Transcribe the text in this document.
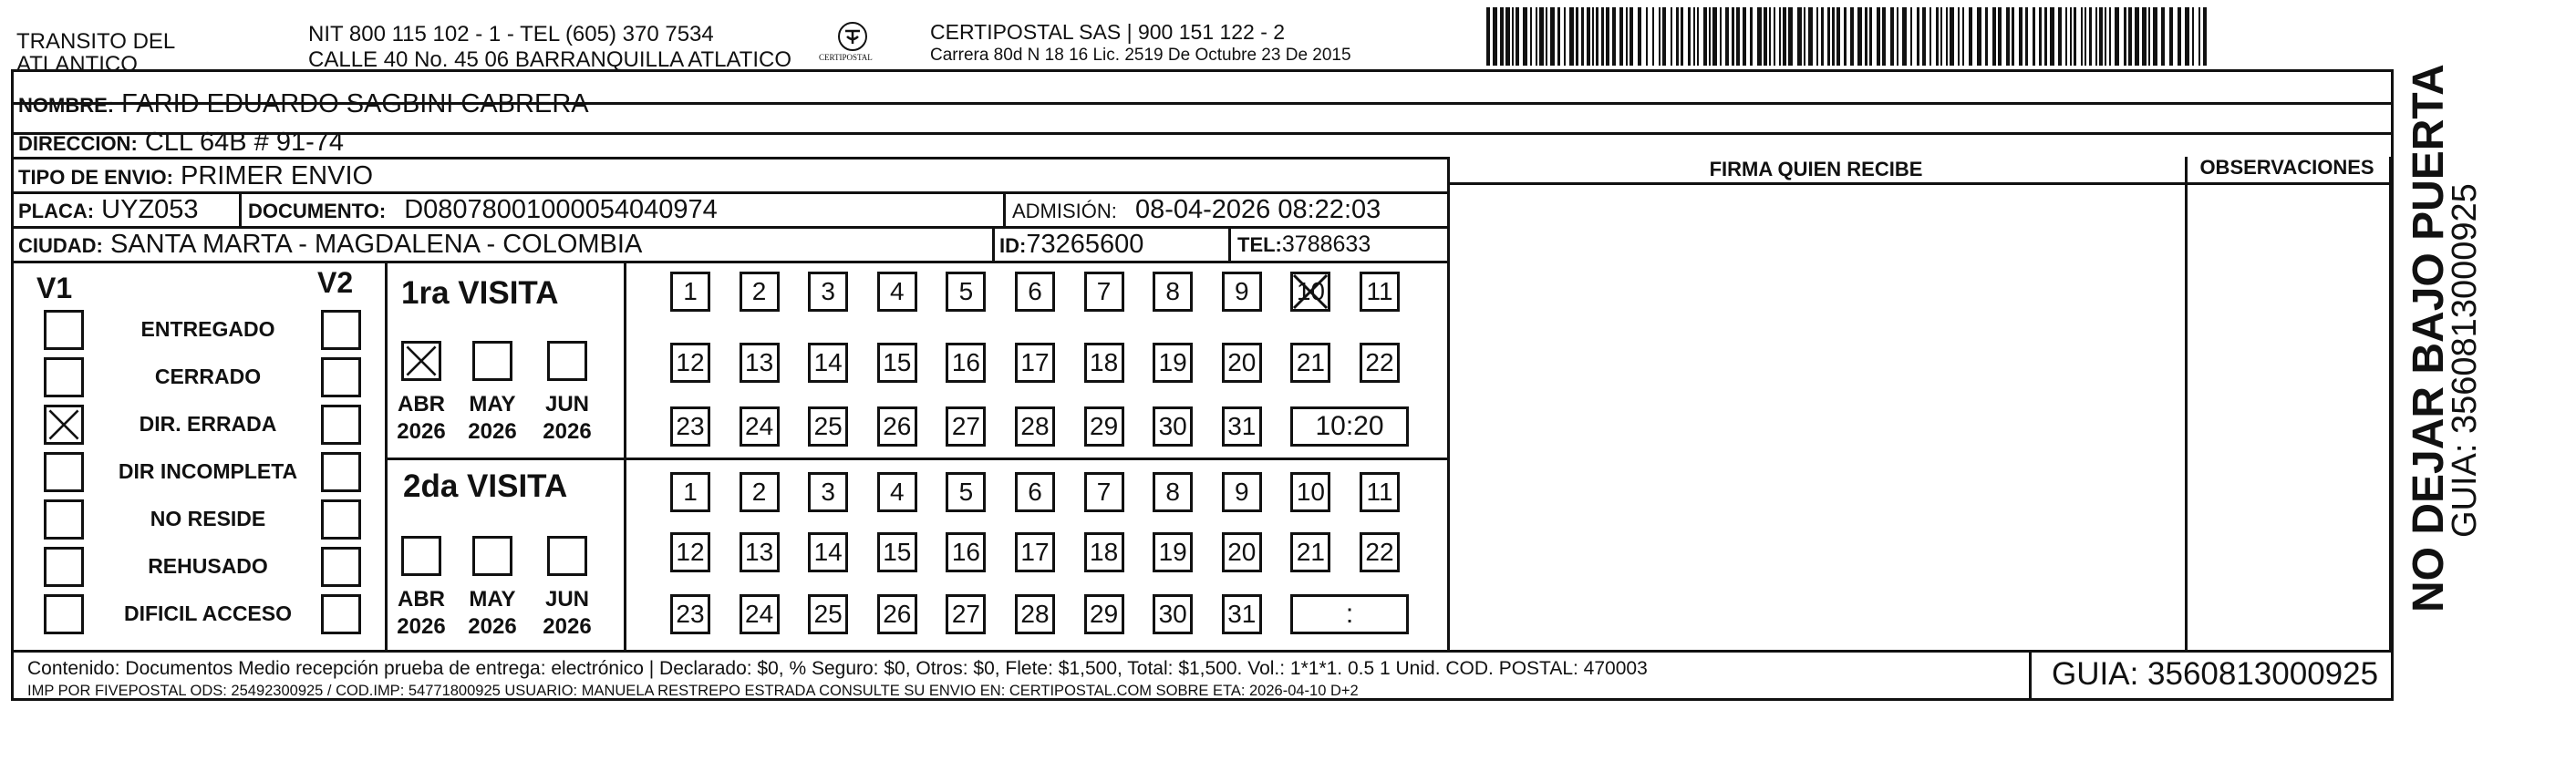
TRANSITO DEL
ATLANTICO
NIT 800 115 102 - 1 - TEL (605) 370 7534
CALLE 40 No. 45 06 BARRANQUILLA ATLATICO	CERTIPOSTAL
CERTIPOSTAL SAS | 900 151 122 - 2
Carrera 80d N 18 16 Lic. 2519 De Octubre 23 De 2015
NOMBRE: FARID EDUARDO SAGBINI CABRERA
DIRECCIÓN: CLL 64B # 91-74
TIPO DE ENVIO: PRIMER ENVIO
PLACA: UYZ053 DOCUMENTO: D08078001000054040974	ADMISIÓN: 08-04-2026 08:22:03
CIUDAD: SANTA MARTA - MAGDALENA - COLOMBIA	ID:73265600	TEL:3788633
FIRMA QUIEN RECIBE	OBSERVACIONES
V1	V2 1ra VISITA
2da VISITA
Contenido: Documentos Medio recepción prueba de entrega: electrónico | Declarado: $0, % Seguro: $0, Otros: $0, Flete: $1,500, Total: $1,500. Vol.: 1*1*1. 0.5 1 Unid. COD. POSTAL: 470003
IMP POR FIVEPOSTAL ODS: 25492300925 / COD.IMP: 54771800925 USUARIO: MANUELA RESTREPO ESTRADA CONSULTE SU ENVIO EN: CERTIPOSTAL.COM SOBRE ETA: 2026-04-10 D+2	GUIA: 3560813000925
NO DEJAR BAJO PUERTA
GUIA: 3560813000925
ENTREGADO
CERRADO
DIR. ERRADA
DIR INCOMPLETA
NO RESIDE
REHUSADO
DIFICIL ACCESO
ABR
2026
MAY
2026
JUN
2026
ABR
2026
MAY
2026
JUN
2026
1	2	3	4	5	6	7	8	9	10 11
12 13 14 15 16 17 18 19 20 21 22
23 24 25 26 27 28 29 30 31	10:20
1	2	3	4	5	6	7	8	9	10 11
12 13 14 15 16 17 18 19 20 21 22
23 24 25 26 27 28 29 30 31	:
